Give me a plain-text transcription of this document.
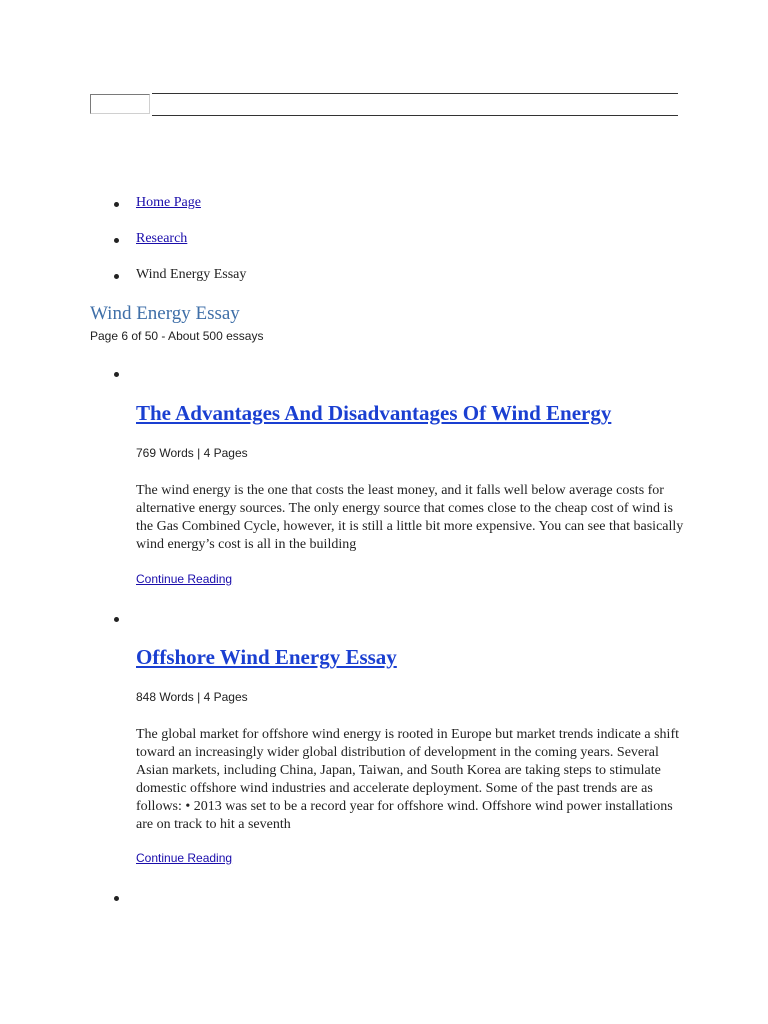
Home Page
Research
Wind Energy Essay
Wind Energy Essay
Page 6 of 50 - About 500 essays
The Advantages And Disadvantages Of Wind Energy
769 Words | 4 Pages

The wind energy is the one that costs the least money, and it falls well below average costs for alternative energy sources. The only energy source that comes close to the cheap cost of wind is the Gas Combined Cycle, however, it is still a little bit more expensive. You can see that basically wind energy’s cost is all in the building

Continue Reading
Offshore Wind Energy Essay
848 Words | 4 Pages

The global market for offshore wind energy is rooted in Europe but market trends indicate a shift toward an increasingly wider global distribution of development in the coming years. Several Asian markets, including China, Japan, Taiwan, and South Korea are taking steps to stimulate domestic offshore wind industries and accelerate deployment. Some of the past trends are as follows: • 2013 was set to be a record year for offshore wind. Offshore wind power installations are on track to hit a seventh

Continue Reading
